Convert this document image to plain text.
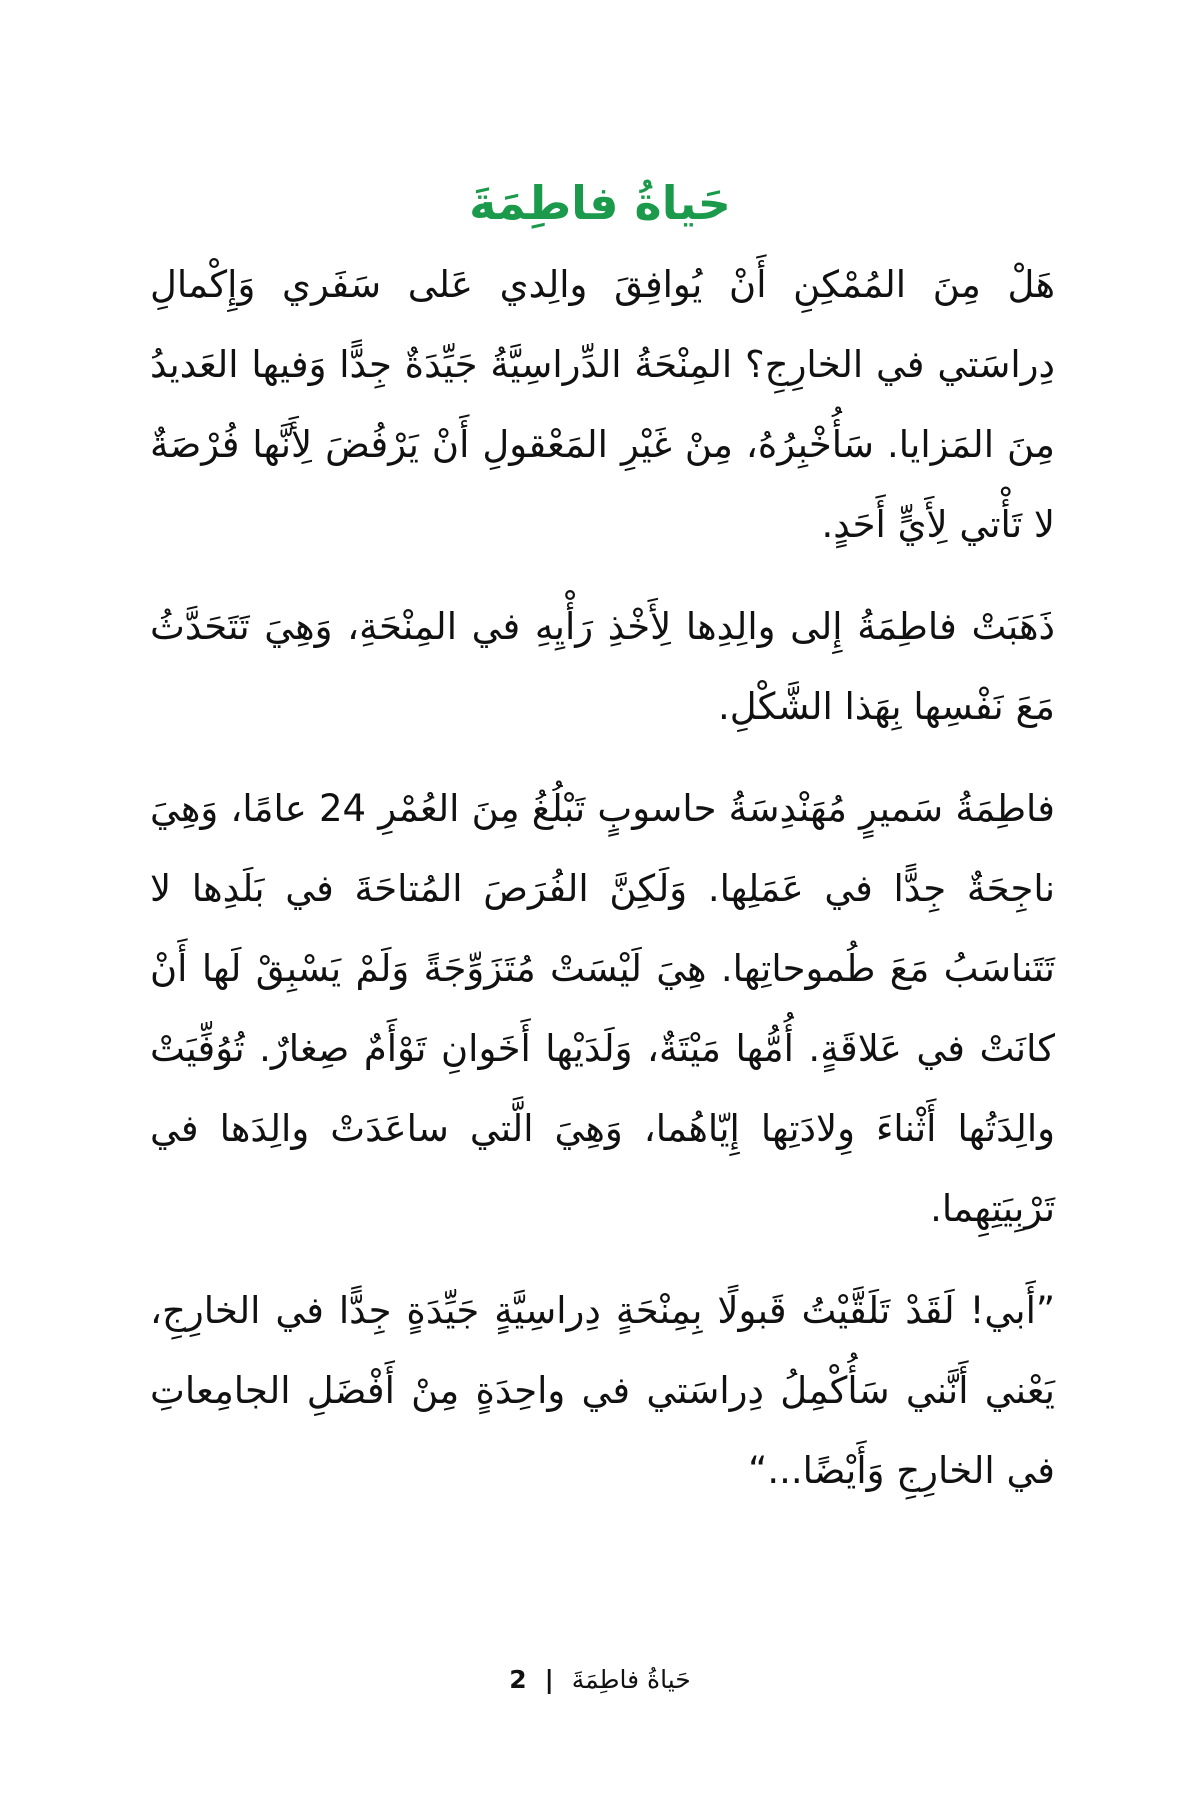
حَياةُ فاطِمَةَ

هل من الممكن أن يوافق والدي على سفري وإكمال دراستي في الخارج؟ المنحة الدراسية جيدة جدا وفيها العديد من المزايا. سأخبره، من غير المعقول أن يرفض لنها فرصة لا تأتي لي أحد.

ذهبت فاطمة إلى والدها لخذ رأيه في المنحة، وهي تتحدث مع نفسها بهذا الشكل.

فاطمة سمير مهندسة حاسوب تبلغ من العمر 24 عاما، وهي ناجحة جدا في عملها. ولكن الفرص المتاحة في بلدها لا تتناسب مع طموحاتها. هي ليست متزوجة ولم يسبق لها أن كانت في علاقة. أمها ميتة، ولديها أخوان توأم صغار. توفيت والدتها أثناء ولادتها إياهما، وهي التي ساعدت والدها في تربيتهما.

”أبي! لقد تلقيت قبولا بمنحة دراسية جيدة جدا في الخارج، يعني أنني سأكمل دراستي في واحدة من أفضل الجامعات في الخارج وأيضا...“

حياة فاطمة | 2
